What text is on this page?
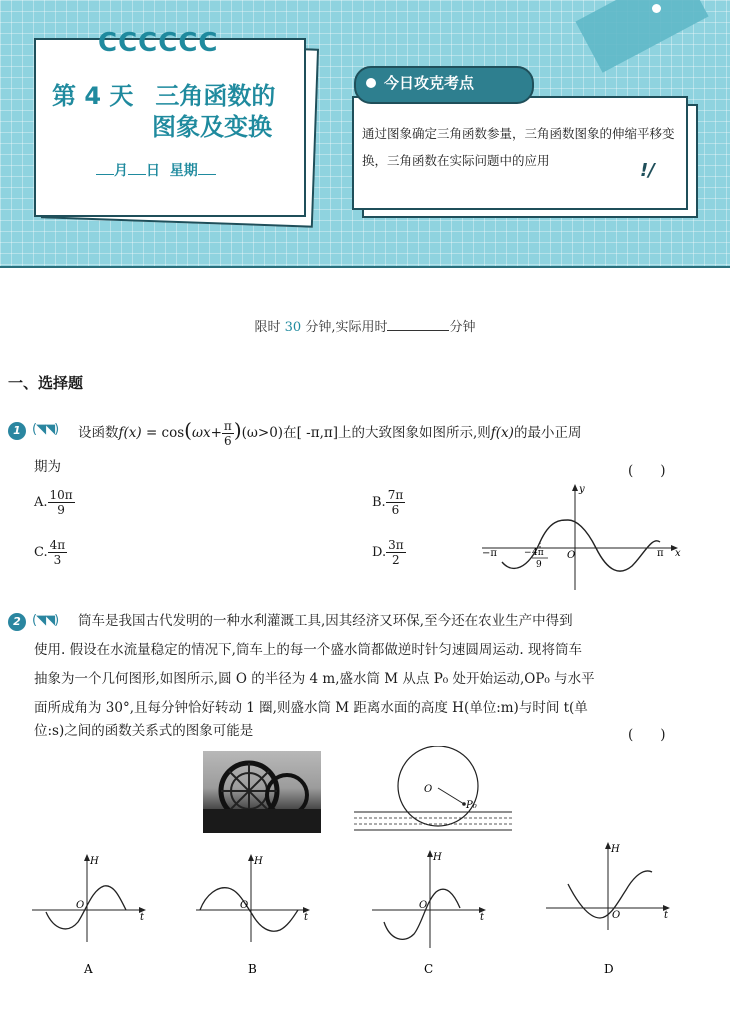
CCCCCC
第 4 天 三角函数的
图象及变换
月 日 星期
今日攻克考点
通过图象确定三角函数参量，三角函数图象的伸缩平移变换，三角函数在实际问题中的应用	!/
限时 30 分钟,实际用时	分钟
一、选择题
1 (◥◥) 设函数$f(x) = \cos(\omega x+ \frac{\pi}{6} )(\omega>0)$在[ -π,π]上的大致图象如图所示,则f(x)的最小正周
期为	(　　)
A. $\frac{10\pi}{9}$	B. $\frac{7\pi}{6}$
C. $\frac{4\pi}{3}$	D. $\frac{3\pi}{2}$	−π	− 4π
9
O	π x
y
2 (◥◥) 筒车是我国古代发明的一种水利灌溉工具,因其经济又环保,至今还在农业生产中得到
使用. 假设在水流量稳定的情况下,筒车上的每一个盛水筒都做逆时针匀速圆周运动. 现将筒车
抽象为一个几何图形,如图所示,圆 O 的半径为 4 m,盛水筒 M 从点 P₀ 处开始运动,OP₀ 与水平
面所成角为 30°,且每分钟恰好转动 1 圈,则盛水筒 M 距离水面的高度 H(单位:m)与时间 t(单
位:s)之间的函数关系式的图象可能是	(　　)
O
P₀
H
O
t
A
H
O
t
B
H
O
t
C
H
O	t
D
